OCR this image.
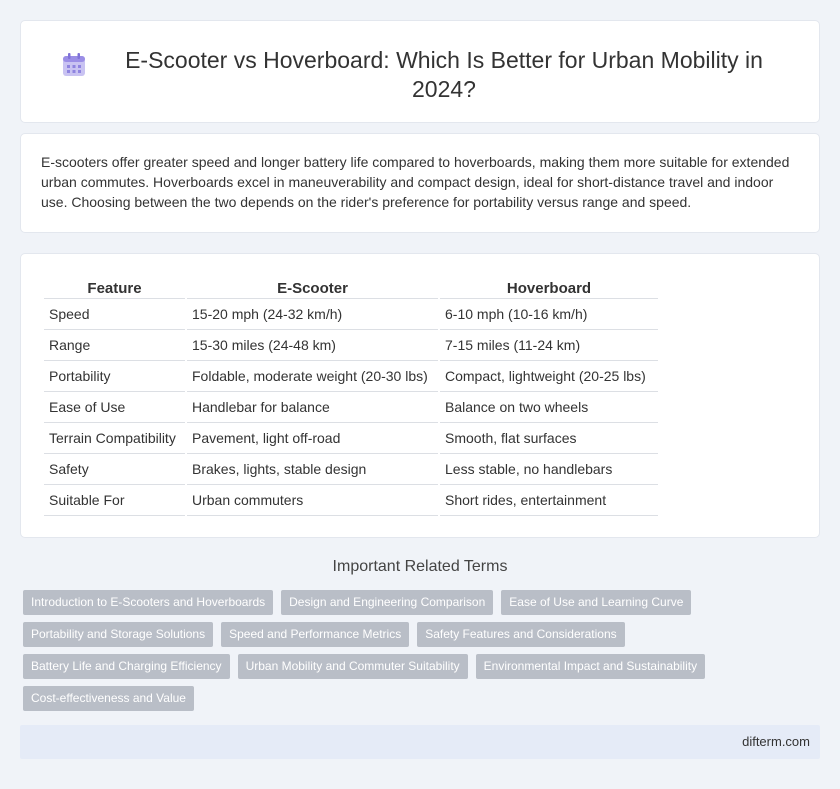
E-Scooter vs Hoverboard: Which Is Better for Urban Mobility in 2024?

E-scooters offer greater speed and longer battery life compared to hoverboards, making them more suitable for extended urban commutes. Hoverboards excel in maneuverability and compact design, ideal for short-distance travel and indoor use. Choosing between the two depends on the rider's preference for portability versus range and speed.

Feature	E-Scooter	Hoverboard
Speed	15-20 mph (24-32 km/h)	6-10 mph (10-16 km/h)
Range	15-30 miles (24-48 km)	7-15 miles (11-24 km)
Portability	Foldable, moderate weight (20-30 lbs)	Compact, lightweight (20-25 lbs)
Ease of Use	Handlebar for balance	Balance on two wheels
Terrain Compatibility	Pavement, light off-road	Smooth, flat surfaces
Safety	Brakes, lights, stable design	Less stable, no handlebars
Suitable For	Urban commuters	Short rides, entertainment
Important Related Terms
Introduction to E-Scooters and Hoverboards	Design and Engineering Comparison	Ease of Use and Learning Curve
Portability and Storage Solutions	Speed and Performance Metrics	Safety Features and Considerations
Battery Life and Charging Efficiency	Urban Mobility and Commuter Suitability	Environmental Impact and Sustainability
Cost-effectiveness and Value
difterm.com
